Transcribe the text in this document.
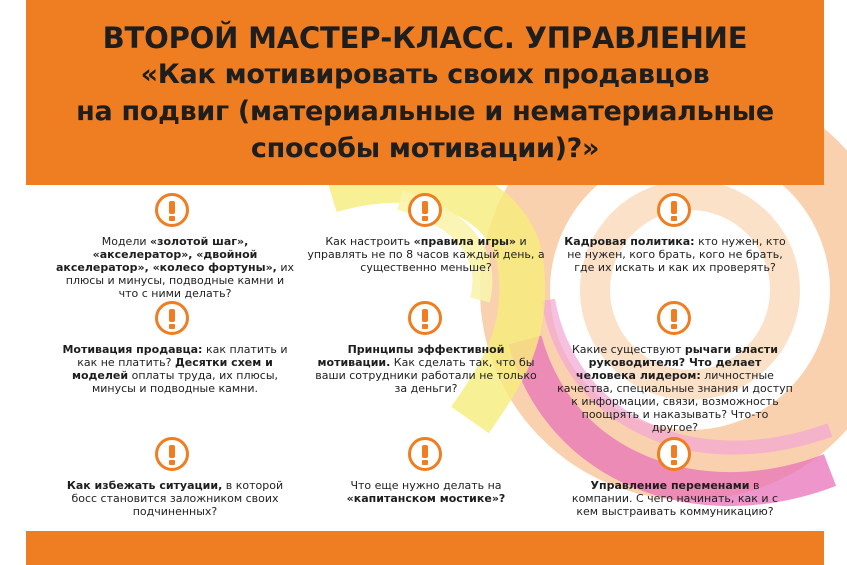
ВТОРОЙ МАСТЕР-КЛАСС. УПРАВЛЕНИЕ
«Как мотивировать своих продавцов
на подвиг (материальные и нематериальные
способы мотивации)?»
Модели «золотой шаг», «акселератор», «двойной акселератор», «колесо фортуны», их плюсы и минусы, подводные камни и что с ними делать?
Как настроить «правила игры» и управлять не по 8 часов каждый день, а существенно меньше?
Кадровая политика: кто нужен, кто не нужен, кого брать, кого не брать, где их искать и как их проверять?
Мотивация продавца: как платить и как не платить? Десятки схем и моделей оплаты труда, их плюсы, минусы и подводные камни.
Принципы эффективной мотивации. Как сделать так, что бы ваши сотрудники работали не только за деньги?
Какие существуют рычаги власти руководителя? Что делает человека лидером: личностные качества, специальные знания и доступ к информации, связи, возможность поощрять и наказывать? Что-то другое?
Как избежать ситуации, в которой босс становится заложником своих подчиненных?
Что еще нужно делать на «капитанском мостике»?
Управление переменами в компании. С чего начинать, как и с кем выстраивать коммуникацию?
